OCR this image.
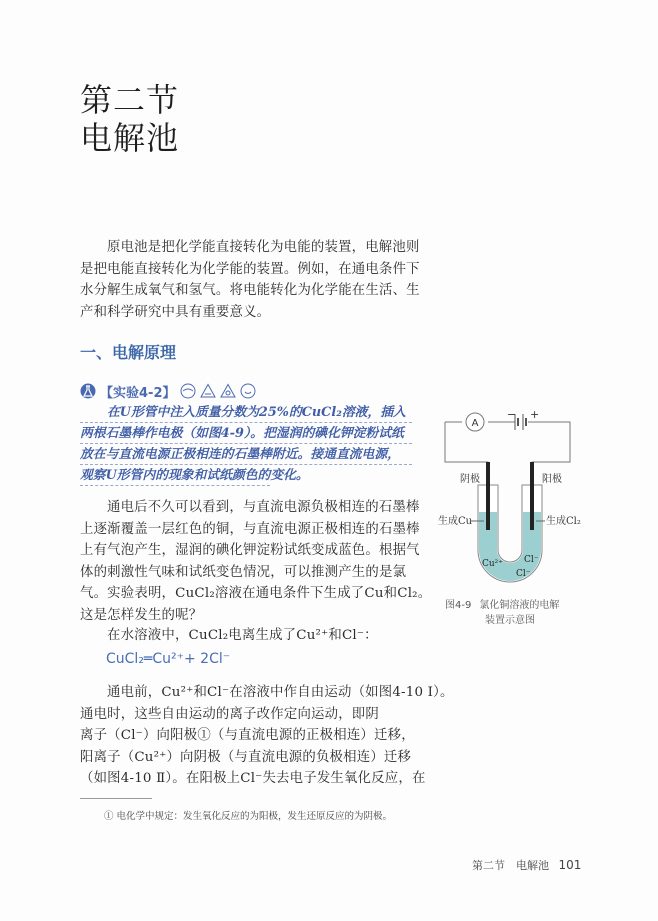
第二节
电解池
原电池是把化学能直接转化为电能的装置，电解池则
是把电能直接转化为化学能的装置。例如，在通电条件下
水分解生成氧气和氢气。将电能转化为化学能在生活、生
产和科学研究中具有重要意义。
一、电解原理
【实验4-2】
在U形管中注入质量分数为25%的CuCl₂溶液，插入
两根石墨棒作电极（如图4-9）。把湿润的碘化钾淀粉试纸
放在与直流电源正极相连的石墨棒附近。接通直流电源，
观察U形管内的现象和试纸颜色的变化。
通电后不久可以看到，与直流电源负极相连的石墨棒
上逐渐覆盖一层红色的铜，与直流电源正极相连的石墨棒
上有气泡产生，湿润的碘化钾淀粉试纸变成蓝色。根据气
体的刺激性气味和试纸变色情况，可以推测产生的是氯
气。实验表明，CuCl₂溶液在通电条件下生成了Cu和Cl₂。
这是怎样发生的呢？
在水溶液中，CuCl₂电离生成了Cu²⁺和Cl⁻：
CuCl₂═Cu²⁺+ 2Cl⁻
通电前，Cu²⁺和Cl⁻在溶液中作自由运动（如图4-10 Ⅰ）。
通电时，这些自由运动的离子改作定向运动，即阴
离子（Cl⁻）向阳极①（与直流电源的正极相连）迁移，
阳离子（Cu²⁺）向阴极（与直流电源的负极相连）迁移
（如图4-10 Ⅱ）。在阳极上Cl⁻失去电子发生氧化反应，在
① 电化学中规定：发生氧化反应的为阳极，发生还原反应的为阴极。
A
− +
阴极	阳极
生成Cu	生成Cl₂
Cu²⁺ Cl⁻
Cl⁻
图4-9 氯化铜溶液的电解
装置示意图
第二节　电解池 101
